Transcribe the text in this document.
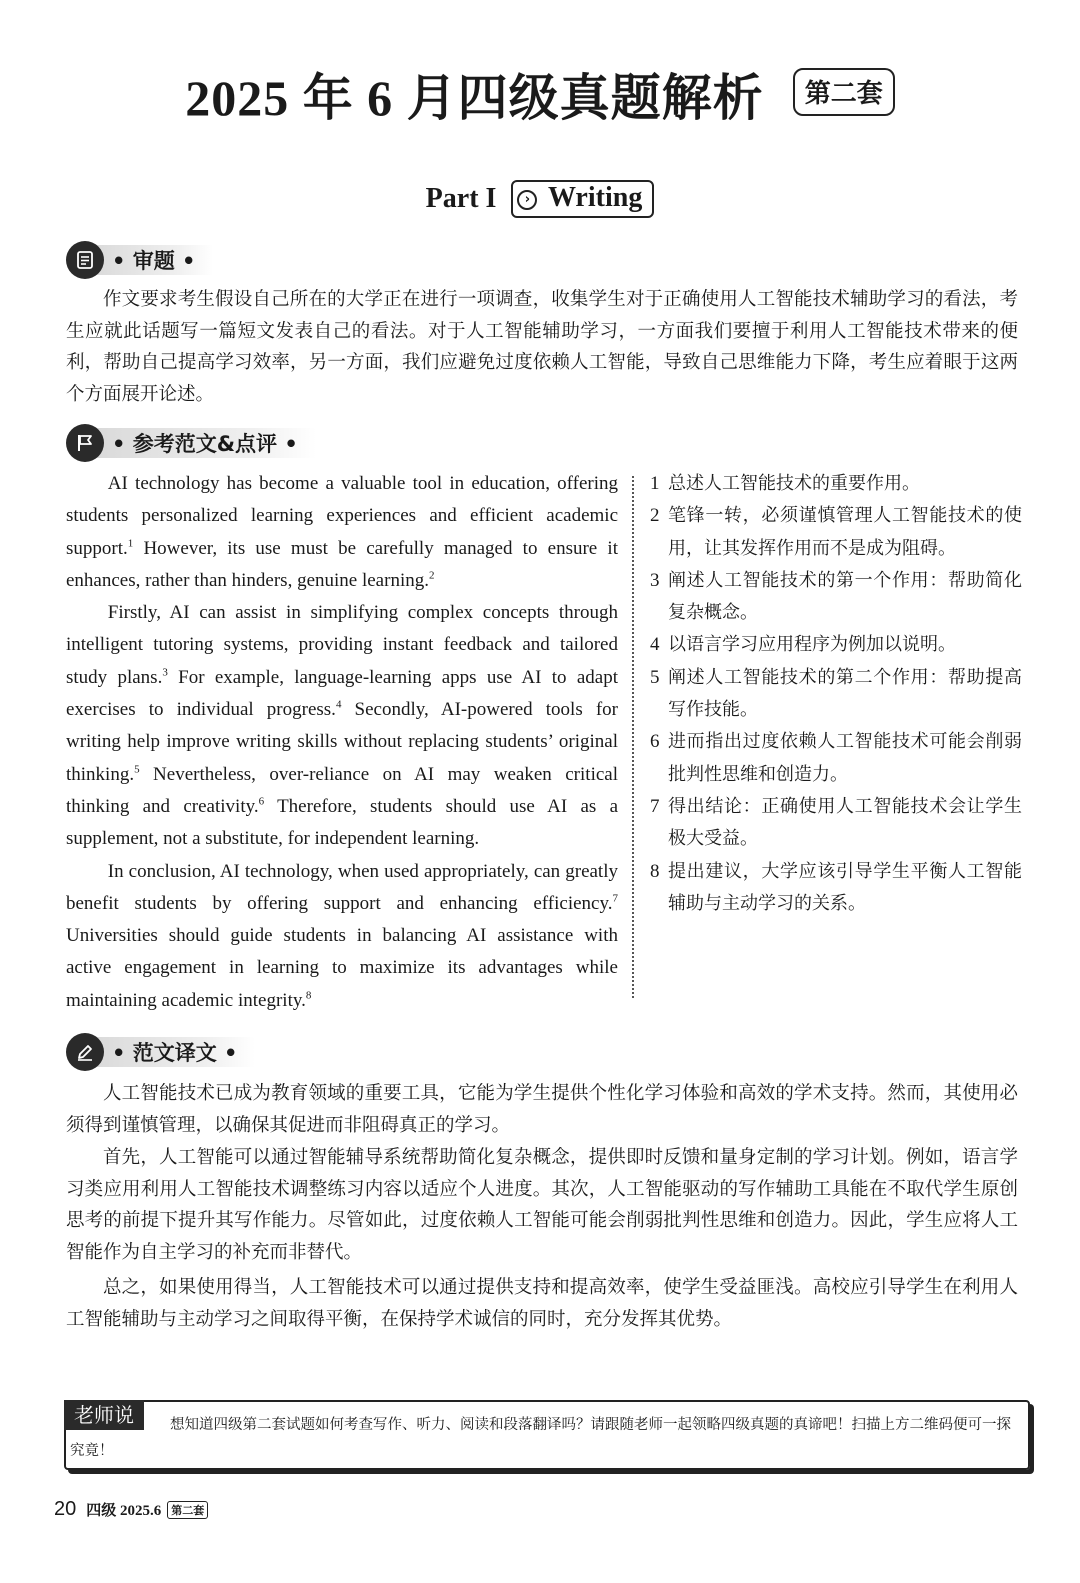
2025 年 6 月四级真题解析 第二套
Part I › Writing
• 审题 •
作文要求考生假设自己所在的大学正在进行一项调查，收集学生对于正确使用人工智能技术辅助学习的看法，考生应就此话题写一篇短文发表自己的看法。对于人工智能辅助学习，一方面我们要擅于利用人工智能技术带来的便利，帮助自己提高学习效率，另一方面，我们应避免过度依赖人工智能，导致自己思维能力下降，考生应着眼于这两个方面展开论述。
• 参考范文&点评 •

AI technology has become a valuable tool in education, offering students personalized learning experiences and efficient academic support.$^1$ However, its use must be carefully managed to ensure it enhances, rather than hinders, genuine learning.$^2$

Firstly, AI can assist in simplifying complex concepts through intelligent tutoring systems, providing instant feedback and tailored study plans.$^3$ For example, language-learning apps use AI to adapt exercises to individual progress.$^4$ Secondly, AI-powered tools for writing help improve writing skills without replacing students’ original thinking.$^5$ Nevertheless, over-reliance on AI may weaken critical thinking and creativity.$^6$ Therefore, students should use AI as a supplement, not a substitute, for independent learning.

In conclusion, AI technology, when used appropriately, can greatly benefit students by offering support and enhancing efficiency.$^7$ Universities should guide students in balancing AI assistance with active engagement in learning to maximize its advantages while maintaining academic integrity.$^8$

1 总述人工智能技术的重要作用。
2 笔锋一转，必须谨慎管理人工智能技术的使用，让其发挥作用而不是成为阻碍。
3 阐述人工智能技术的第一个作用：帮助简化复杂概念。
4 以语言学习应用程序为例加以说明。
5 阐述人工智能技术的第二个作用：帮助提高写作技能。
6 进而指出过度依赖人工智能技术可能会削弱批判性思维和创造力。
7 得出结论：正确使用人工智能技术会让学生极大受益。
8 提出建议，大学应该引导学生平衡人工智能辅助与主动学习的关系。
• 范文译文 •
人工智能技术已成为教育领域的重要工具，它能为学生提供个性化学习体验和高效的学术支持。然而，其使用必须得到谨慎管理，以确保其促进而非阻碍真正的学习。
首先，人工智能可以通过智能辅导系统帮助简化复杂概念，提供即时反馈和量身定制的学习计划。例如，语言学习类应用利用人工智能技术调整练习内容以适应个人进度。其次，人工智能驱动的写作辅助工具能在不取代学生原创思考的前提下提升其写作能力。尽管如此，过度依赖人工智能可能会削弱批判性思维和创造力。因此，学生应将人工智能作为自主学习的补充而非替代。
总之，如果使用得当，人工智能技术可以通过提供支持和提高效率，使学生受益匪浅。高校应引导学生在利用人工智能辅助与主动学习之间取得平衡，在保持学术诚信的同时，充分发挥其优势。
老师说	想知道四级第二套试题如何考查写作、听力、阅读和段落翻译吗？请跟随老师一起领略四级真题的真谛吧！扫描上方二维码便可一探究竟！
20 四级 2025.6 第二套
